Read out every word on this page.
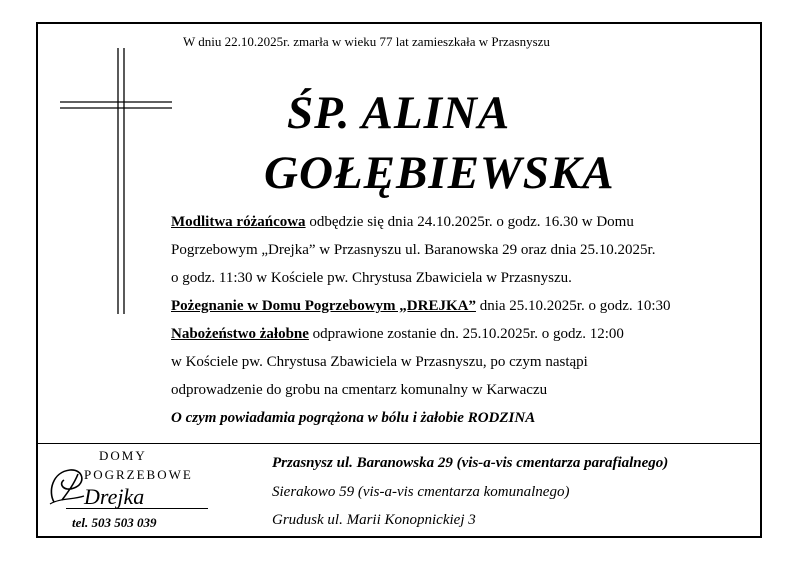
W dniu 22.10.2025r. zmarła w wieku 77 lat zamieszkała w Przasnyszu
ŚP. ALINA
GOŁĘBIEWSKA
Modlitwa różańcowa odbędzie się dnia 24.10.2025r. o godz. 16.30 w Domu
Pogrzebowym „Drejka” w Przasnyszu ul. Baranowska 29 oraz dnia 25.10.2025r.
o godz. 11:30 w Kościele pw. Chrystusa Zbawiciela w Przasnyszu.
Pożegnanie w Domu Pogrzebowym „DREJKA” dnia 25.10.2025r. o godz. 10:30
Nabożeństwo żałobne odprawione zostanie dn. 25.10.2025r. o godz. 12:00
w Kościele pw. Chrystusa Zbawiciela w Przasnyszu, po czym nastąpi
odprowadzenie do grobu na cmentarz komunalny w Karwaczu
O czym powiadamia pogrążona w bólu i żałobie RODZINA
DOMY
POGRZEBOWE
Drejka
tel. 503 503 039
Przasnysz ul. Baranowska 29 (vis-a-vis cmentarza parafialnego)
Sierakowo 59 (vis-a-vis cmentarza komunalnego)
Grudusk ul. Marii Konopnickiej 3
